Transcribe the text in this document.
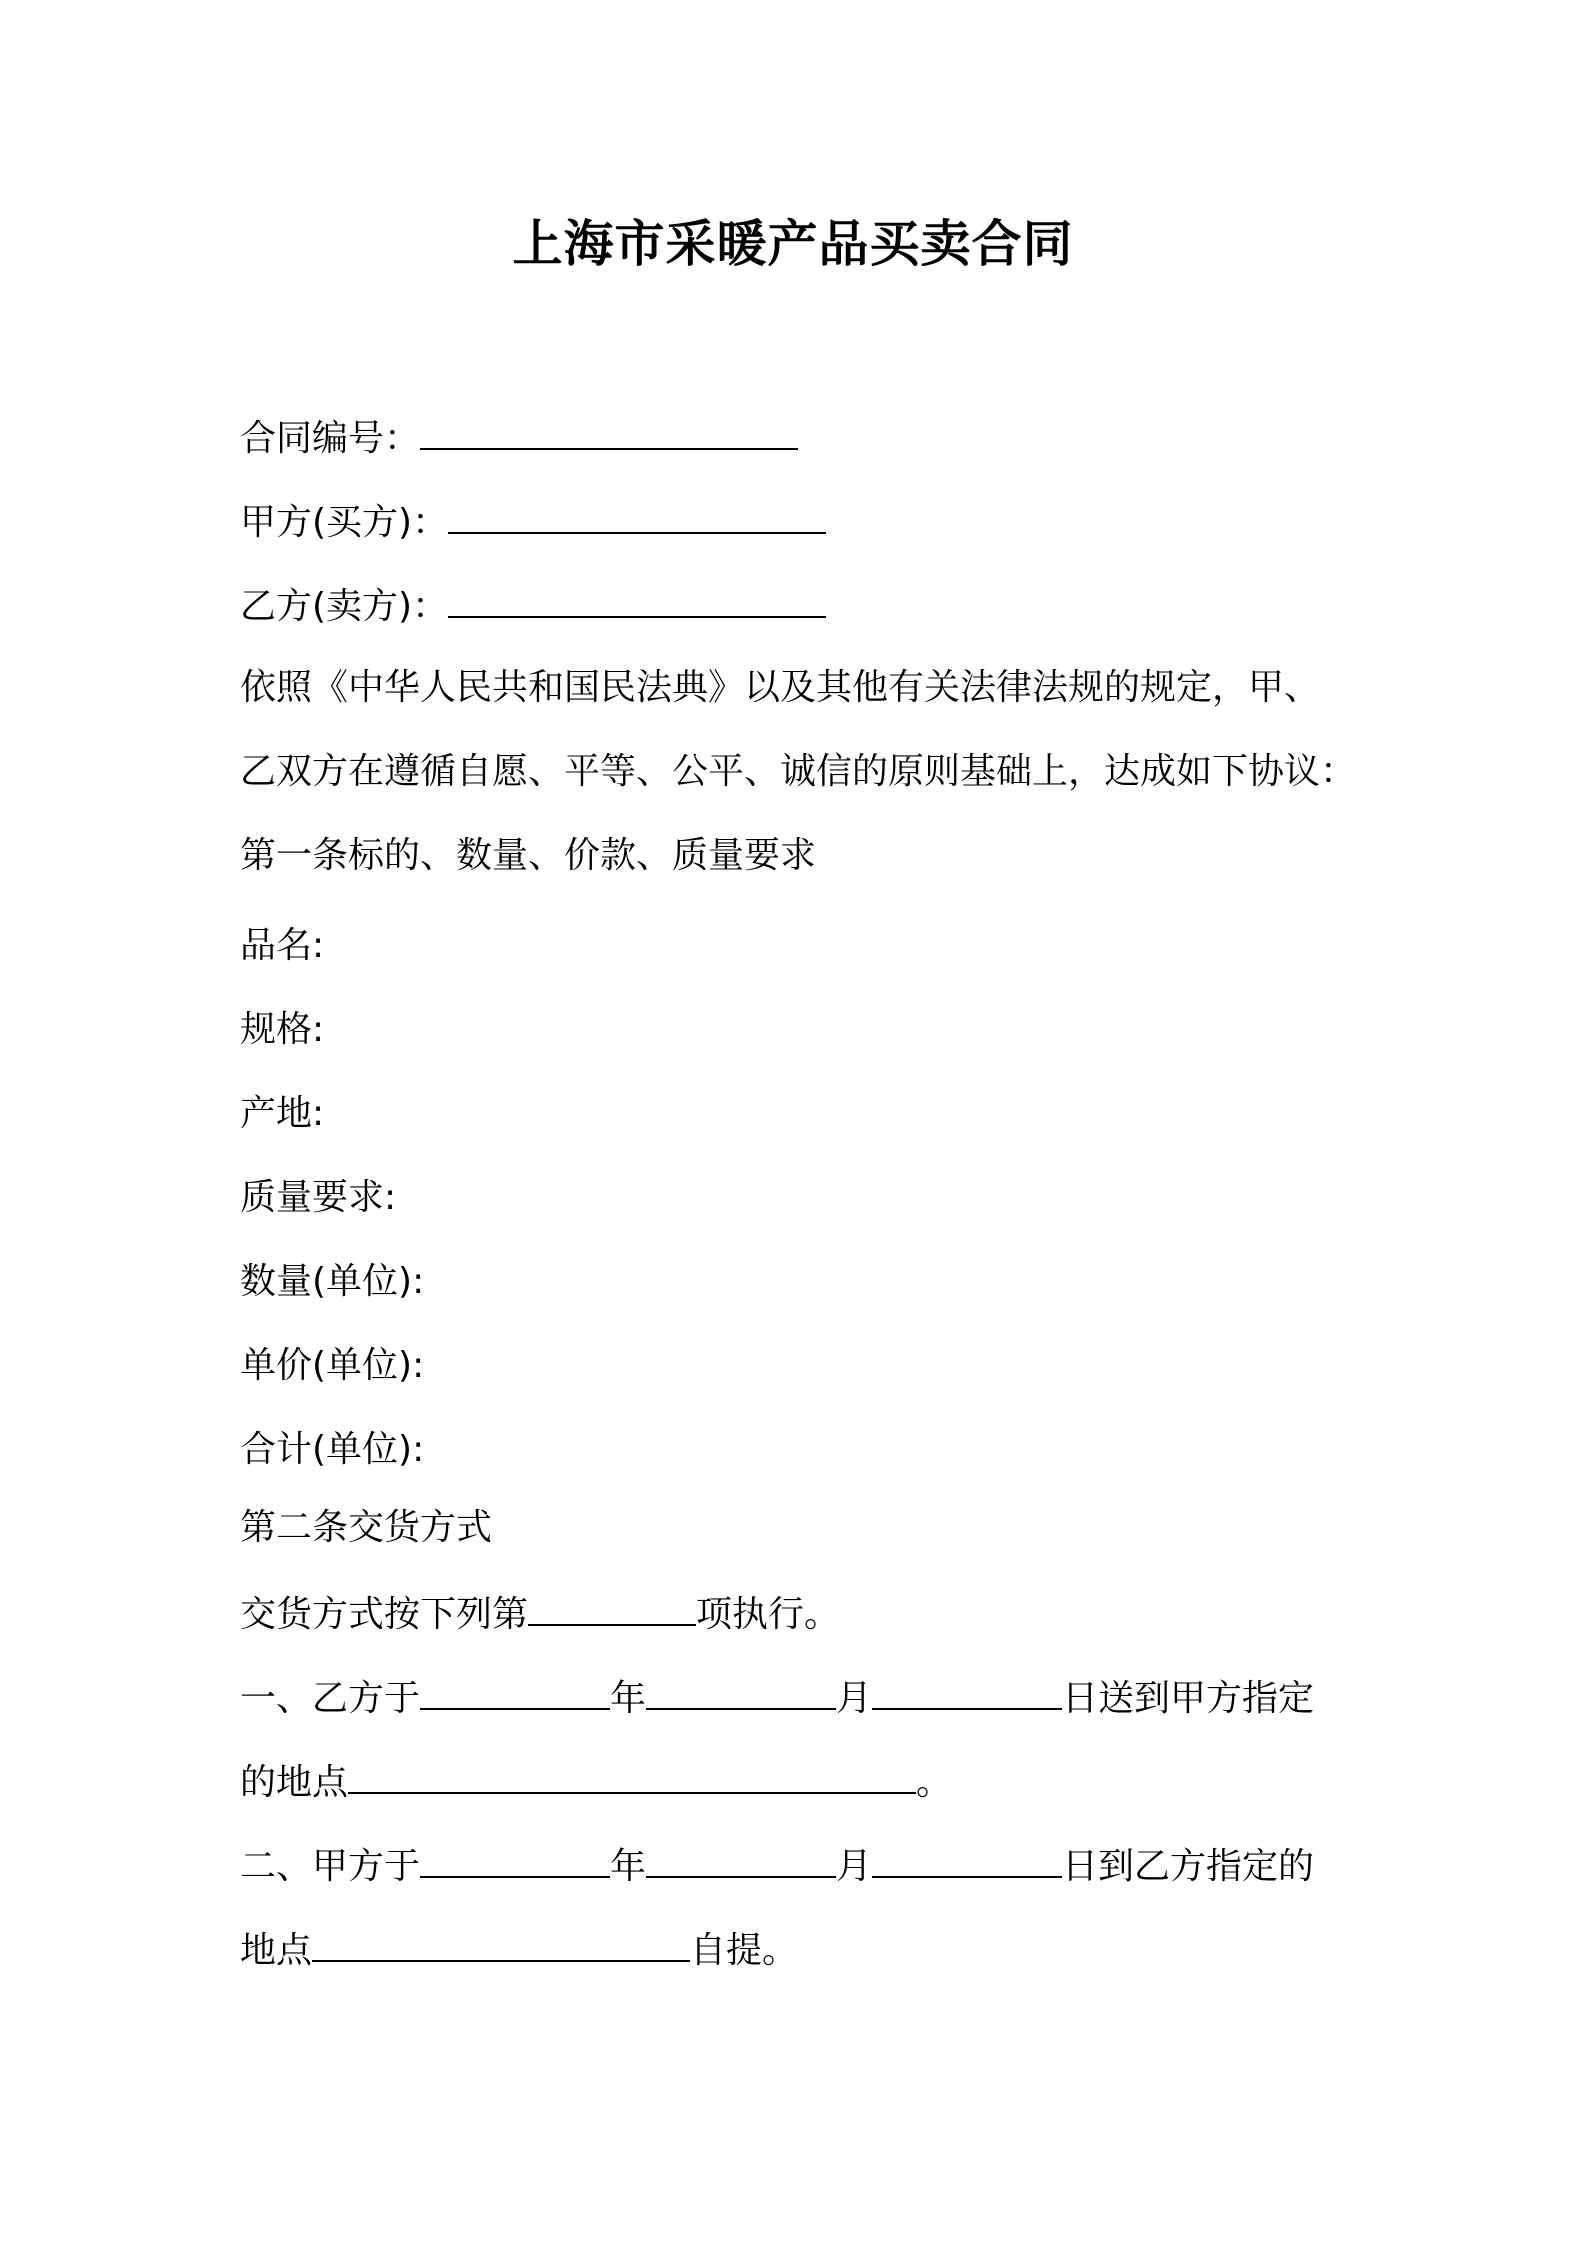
上海市采暖产品买卖合同
合同编号：
甲方(买方)：
乙方(卖方)：
依照《中华人民共和国民法典》以及其他有关法律法规的规定，甲、
乙双方在遵循自愿、平等、公平、诚信的原则基础上，达成如下协议：
第一条标的、数量、价款、质量要求
品名:
规格:
产地:
质量要求:
数量(单位):
单价(单位):
合计(单位):
第二条交货方式
交货方式按下列第	项执行。
一、乙方于	年	月	日送到甲方指定
的地点	。
二、甲方于	年	月	日到乙方指定的
地点	自提。
